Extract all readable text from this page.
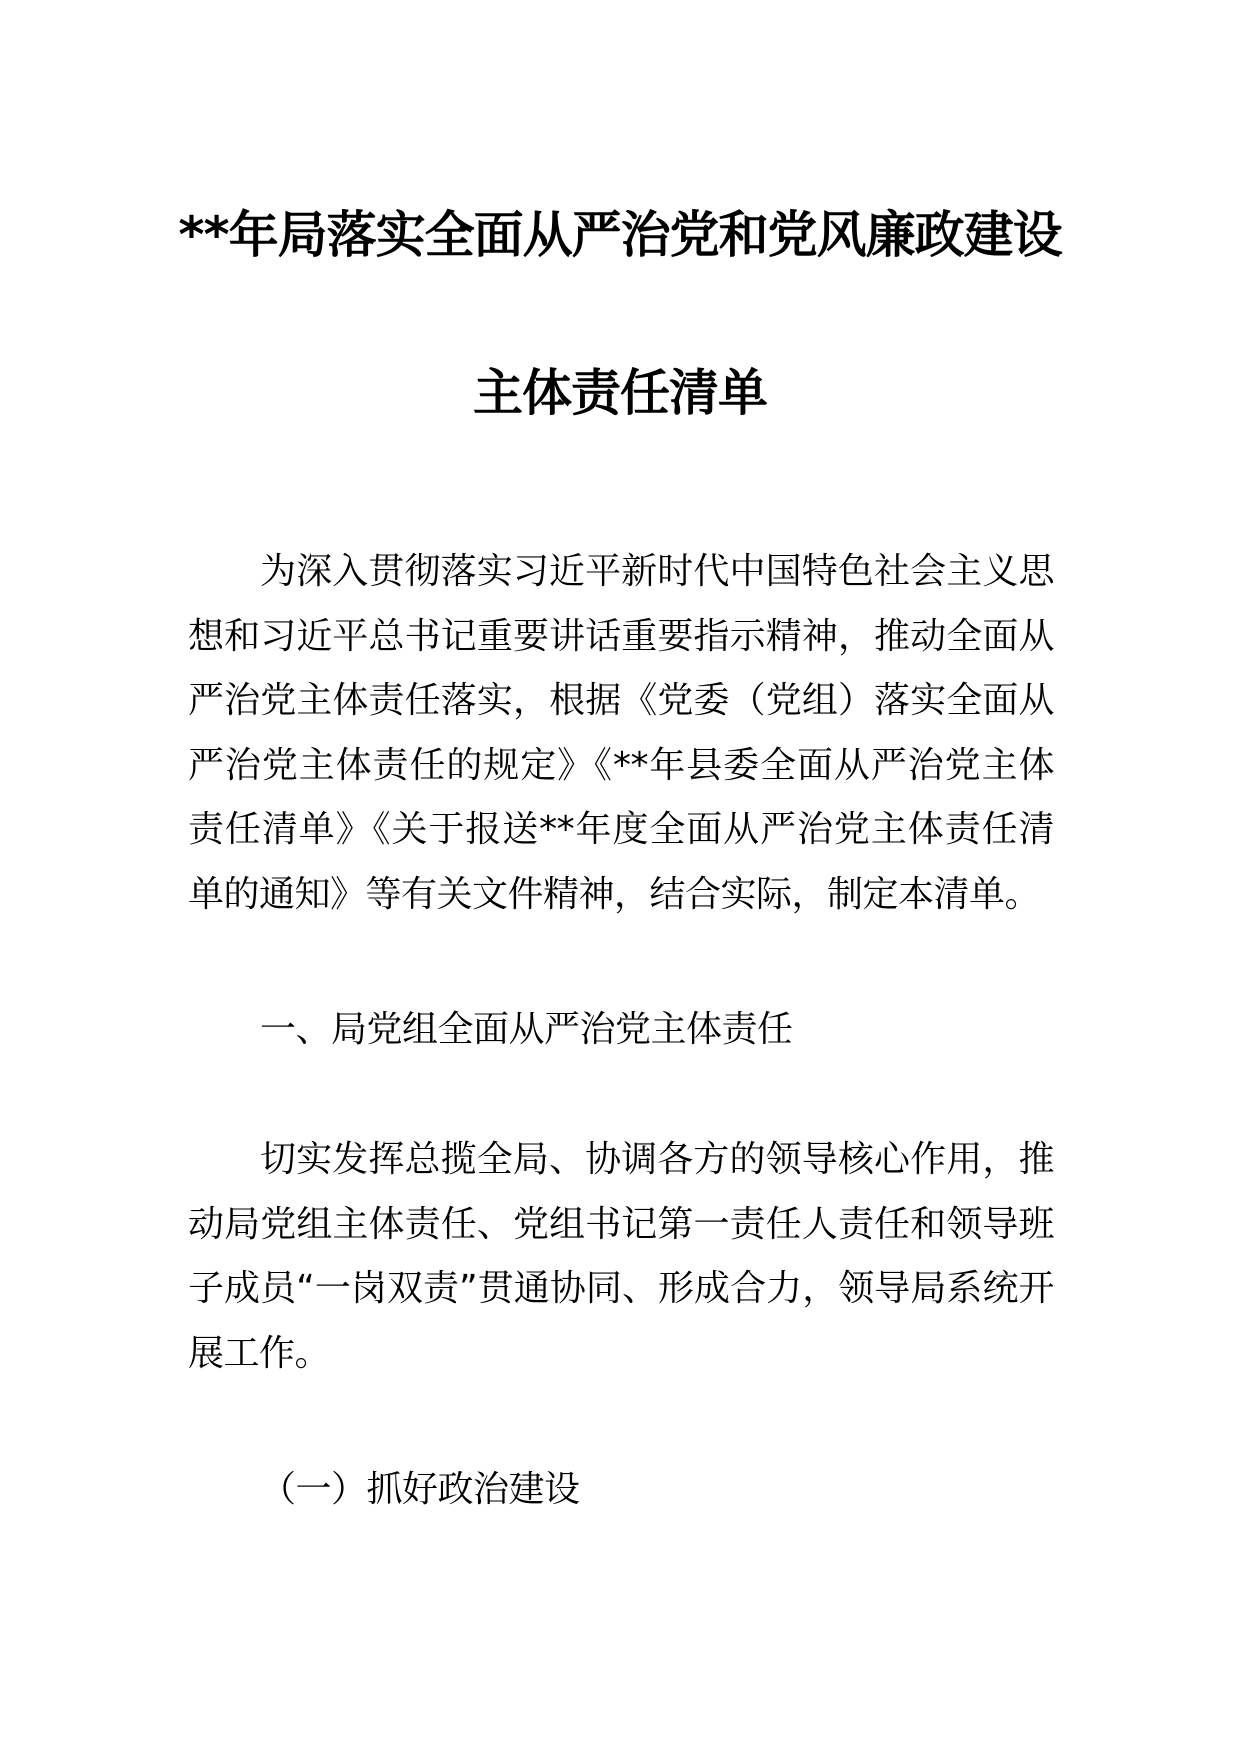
**年局落实全面从严治党和党风廉政建设
主体责任清单
为深入贯彻落实习近平新时代中国特色社会主义思想和习近平总书记重要讲话重要指示精神，推动全面从严治党主体责任落实，根据《党委（党组）落实全面从严治党主体责任的规定》《**年县委全面从严治党主体责任清单》《关于报送**年度全面从严治党主体责任清单的通知》等有关文件精神，结合实际，制定本清单。
一、局党组全面从严治党主体责任
切实发挥总揽全局、协调各方的领导核心作用，推动局党组主体责任、党组书记第一责任人责任和领导班子成员“一岗双责”贯通协同、形成合力，领导局系统开展工作。
（一）抓好政治建设
